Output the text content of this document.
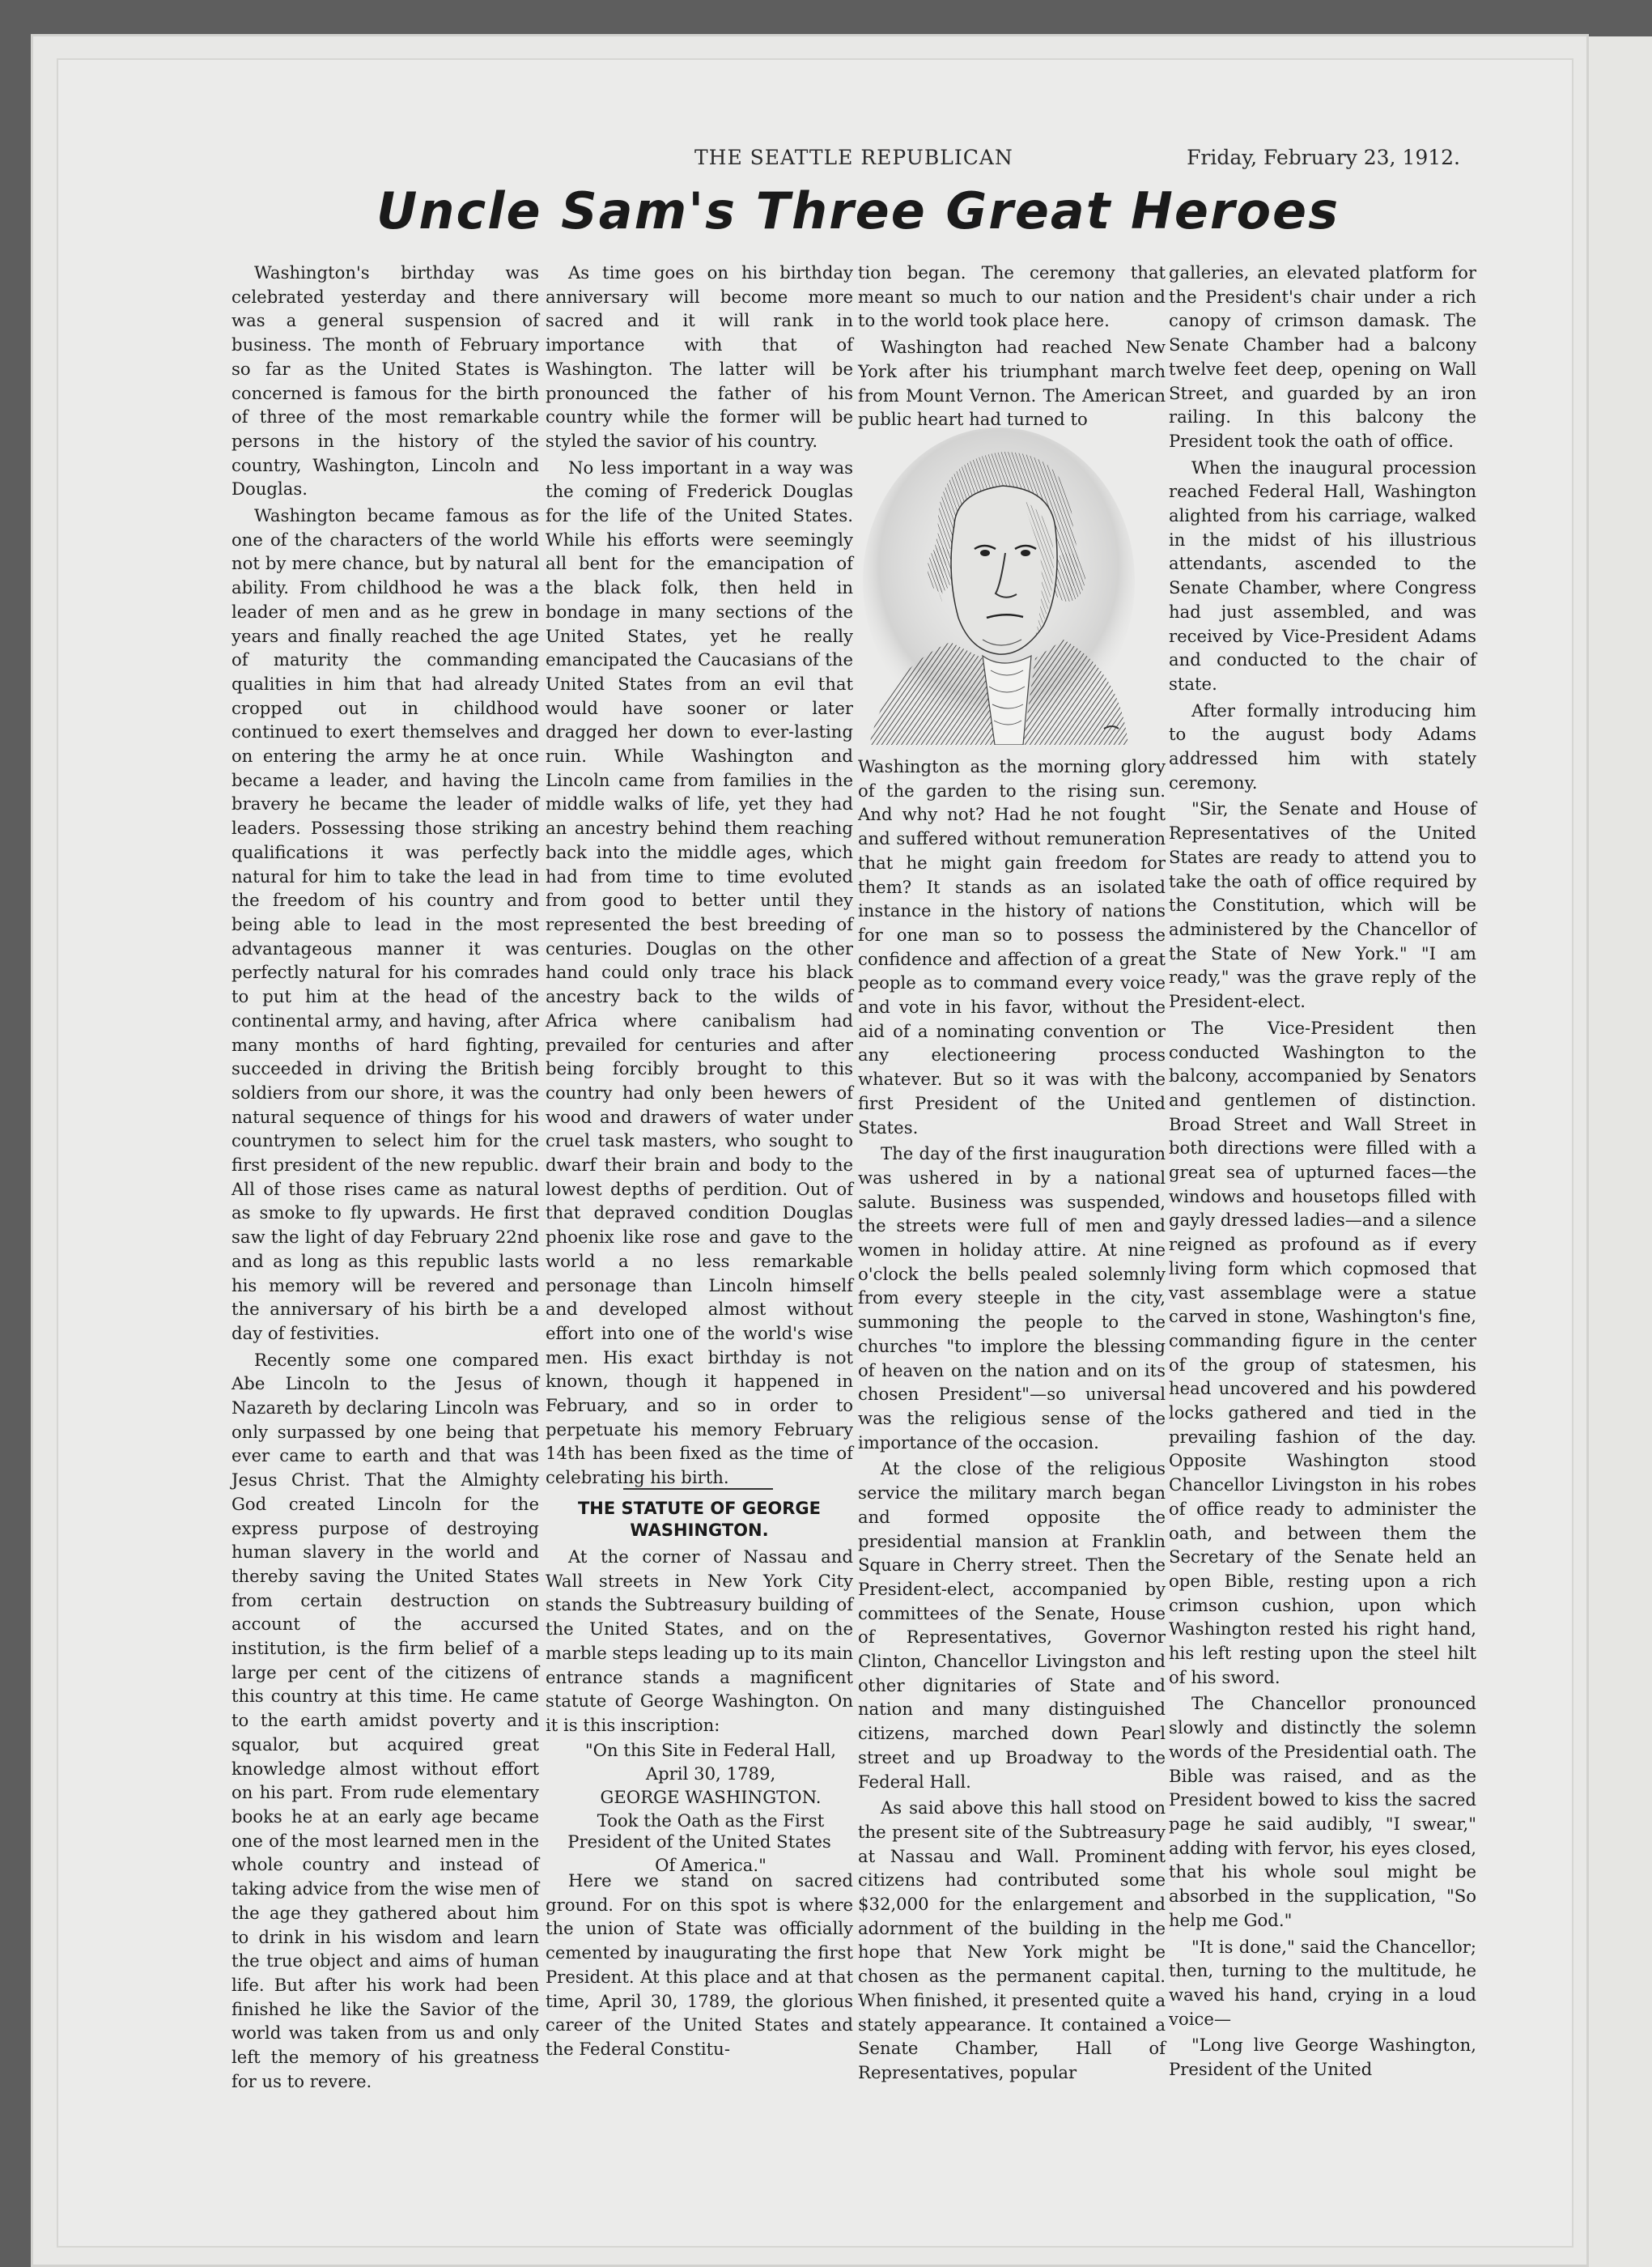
THE SEATTLE REPUBLICAN	Friday, February 23, 1912.
Uncle Sam's Three Great Heroes

Washington's birthday was celebrated yesterday and there was a general suspension of business. The month of February so far as the United States is concerned is famous for the birth of three of the most remarkable persons in the history of the country, Washington, Lincoln and Douglas.

Washington became famous as one of the characters of the world not by mere chance, but by natural ability. From childhood he was a leader of men and as he grew in years and finally reached the age of maturity the commanding qualities in him that had already cropped out in childhood continued to exert themselves and on entering the army he at once became a leader, and having the bravery he became the leader of leaders. Possessing those striking qualifications it was perfectly natural for him to take the lead in the freedom of his country and being able to lead in the most advantageous manner it was perfectly natural for his comrades to put him at the head of the continental army, and having, after many months of hard fighting, succeeded in driving the British soldiers from our shore, it was the natural sequence of things for his countrymen to select him for the first president of the new republic. All of those rises came as natural as smoke to fly upwards. He first saw the light of day February 22nd and as long as this republic lasts his memory will be revered and the anniversary of his birth be a day of festivities.

Recently some one compared Abe Lincoln to the Jesus of Nazareth by declaring Lincoln was only surpassed by one being that ever came to earth and that was Jesus Christ. That the Almighty God created Lincoln for the express purpose of destroying human slavery in the world and thereby saving the United States from certain destruction on account of the accursed institution, is the firm belief of a large per cent of the citizens of this country at this time. He came to the earth amidst poverty and squalor, but acquired great knowledge almost without effort on his part. From rude elementary books he at an early age became one of the most learned men in the whole country and instead of taking advice from the wise men of the age they gathered about him to drink in his wisdom and learn the true object and aims of human life. But after his work had been finished he like the Savior of the world was taken from us and only left the memory of his greatness for us to revere.

As time goes on his birthday anniversary will become more sacred and it will rank in importance with that of Washington. The latter will be pronounced the father of his country while the former will be styled the savior of his country.

No less important in a way was the coming of Frederick Douglas for the life of the United States. While his efforts were seemingly all bent for the emancipation of the black folk, then held in bondage in many sections of the United States, yet he really emancipated the Caucasians of the United States from an evil that would have sooner or later dragged her down to ever-lasting ruin. While Washington and Lincoln came from families in the middle walks of life, yet they had an ancestry behind them reaching back into the middle ages, which had from time to time evoluted from good to better until they represented the best breeding of centuries. Douglas on the other hand could only trace his black ancestry back to the wilds of Africa where canibalism had prevailed for centuries and after being forcibly brought to this country had only been hewers of wood and drawers of water under cruel task masters, who sought to dwarf their brain and body to the lowest depths of perdition. Out of that depraved condition Douglas phoenix like rose and gave to the world a no less remarkable personage than Lincoln himself and developed almost without effort into one of the world's wise men. His exact birthday is not known, though it happened in February, and so in order to perpetuate his memory February 14th has been fixed as the time of celebrating his birth.

THE STATUTE OF GEORGE WASHINGTON.

At the corner of Nassau and Wall streets in New York City stands the Subtreasury building of the United States, and on the marble steps leading up to its main entrance stands a magnificent statute of George Washington. On it is this inscription:

"On this Site in Federal Hall,

April 30, 1789,

GEORGE WASHINGTON.

Took the Oath as the First President of the United States

Of America."

Here we stand on sacred ground. For on this spot is where the union of State was officially cemented by inaugurating the first President. At this place and at that time, April 30, 1789, the glorious career of the United States and the Federal Constitu-

tion began. The ceremony that meant so much to our nation and to the world took place here.

Washington had reached New York after his triumphant march from Mount Vernon. The American public heart had turned to

Washington as the morning glory of the garden to the rising sun. And why not? Had he not fought and suffered without remuneration that he might gain freedom for them? It stands as an isolated instance in the history of nations for one man so to possess the confidence and affection of a great people as to command every voice and vote in his favor, without the aid of a nominating convention or any electioneering process whatever. But so it was with the first President of the United States.

The day of the first inauguration was ushered in by a national salute. Business was suspended, the streets were full of men and women in holiday attire. At nine o'clock the bells pealed solemnly from every steeple in the city, summoning the people to the churches "to implore the blessing of heaven on the nation and on its chosen President"—so universal was the religious sense of the importance of the occasion.

At the close of the religious service the military march began and formed opposite the presidential mansion at Franklin Square in Cherry street. Then the President-elect, accompanied by committees of the Senate, House of Representatives, Governor Clinton, Chancellor Livingston and other dignitaries of State and nation and many distinguished citizens, marched down Pearl street and up Broadway to the Federal Hall.

As said above this hall stood on the present site of the Subtreasury at Nassau and Wall. Prominent citizens had contributed some $32,000 for the enlargement and adornment of the building in the hope that New York might be chosen as the permanent capital. When finished, it presented quite a stately appearance. It contained a Senate Chamber, Hall of Representatives, popular

galleries, an elevated platform for the President's chair under a rich canopy of crimson damask. The Senate Chamber had a balcony twelve feet deep, opening on Wall Street, and guarded by an iron railing. In this balcony the President took the oath of office.

When the inaugural procession reached Federal Hall, Washington alighted from his carriage, walked in the midst of his illustrious attendants, ascended to the Senate Chamber, where Congress had just assembled, and was received by Vice-President Adams and conducted to the chair of state.

After formally introducing him to the august body Adams addressed him with stately ceremony.

"Sir, the Senate and House of Representatives of the United States are ready to attend you to take the oath of office required by the Constitution, which will be administered by the Chancellor of the State of New York." "I am ready," was the grave reply of the President-elect.

The Vice-President then conducted Washington to the balcony, accompanied by Senators and gentlemen of distinction. Broad Street and Wall Street in both directions were filled with a great sea of upturned faces—the windows and housetops filled with gayly dressed ladies—and a silence reigned as profound as if every living form which copmosed that vast assemblage were a statue carved in stone, Washington's fine, commanding figure in the center of the group of statesmen, his head uncovered and his powdered locks gathered and tied in the prevailing fashion of the day. Opposite Washington stood Chancellor Livingston in his robes of office ready to administer the oath, and between them the Secretary of the Senate held an open Bible, resting upon a rich crimson cushion, upon which Washington rested his right hand, his left resting upon the steel hilt of his sword.

The Chancellor pronounced slowly and distinctly the solemn words of the Presidential oath. The Bible was raised, and as the President bowed to kiss the sacred page he said audibly, "I swear," adding with fervor, his eyes closed, that his whole soul might be absorbed in the supplication, "So help me God."

"It is done," said the Chancellor; then, turning to the multitude, he waved his hand, crying in a loud voice—

"Long live George Washington, President of the United
